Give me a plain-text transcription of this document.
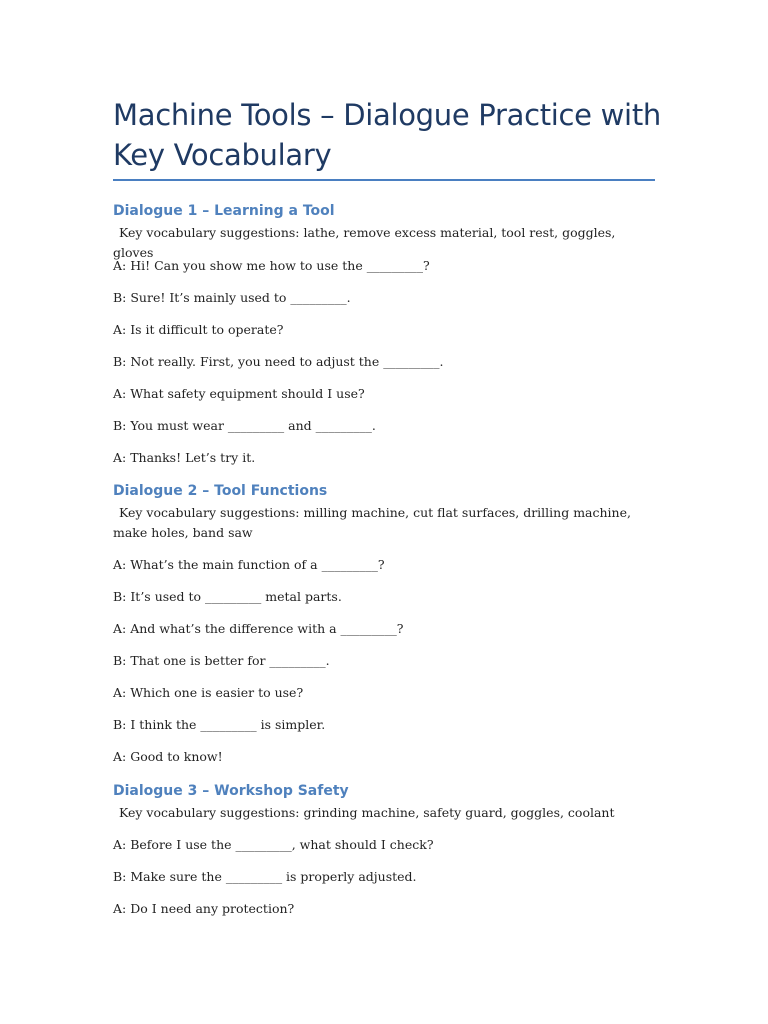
Machine Tools – Dialogue Practice with Key Vocabulary
Dialogue 1 – Learning a Tool

Key vocabulary suggestions: lathe, remove excess material, tool rest, goggles, gloves

A: Hi! Can you show me how to use the _________?

B: Sure! It’s mainly used to _________.

A: Is it difficult to operate?

B: Not really. First, you need to adjust the _________.

A: What safety equipment should I use?

B: You must wear _________ and _________.

A: Thanks! Let’s try it.

Dialogue 2 – Tool Functions

Key vocabulary suggestions: milling machine, cut flat surfaces, drilling machine, make holes, band saw

A: What’s the main function of a _________?

B: It’s used to _________ metal parts.

A: And what’s the difference with a _________?

B: That one is better for _________.

A: Which one is easier to use?

B: I think the _________ is simpler.

A: Good to know!

Dialogue 3 – Workshop Safety

Key vocabulary suggestions: grinding machine, safety guard, goggles, coolant

A: Before I use the _________, what should I check?

B: Make sure the _________ is properly adjusted.

A: Do I need any protection?
